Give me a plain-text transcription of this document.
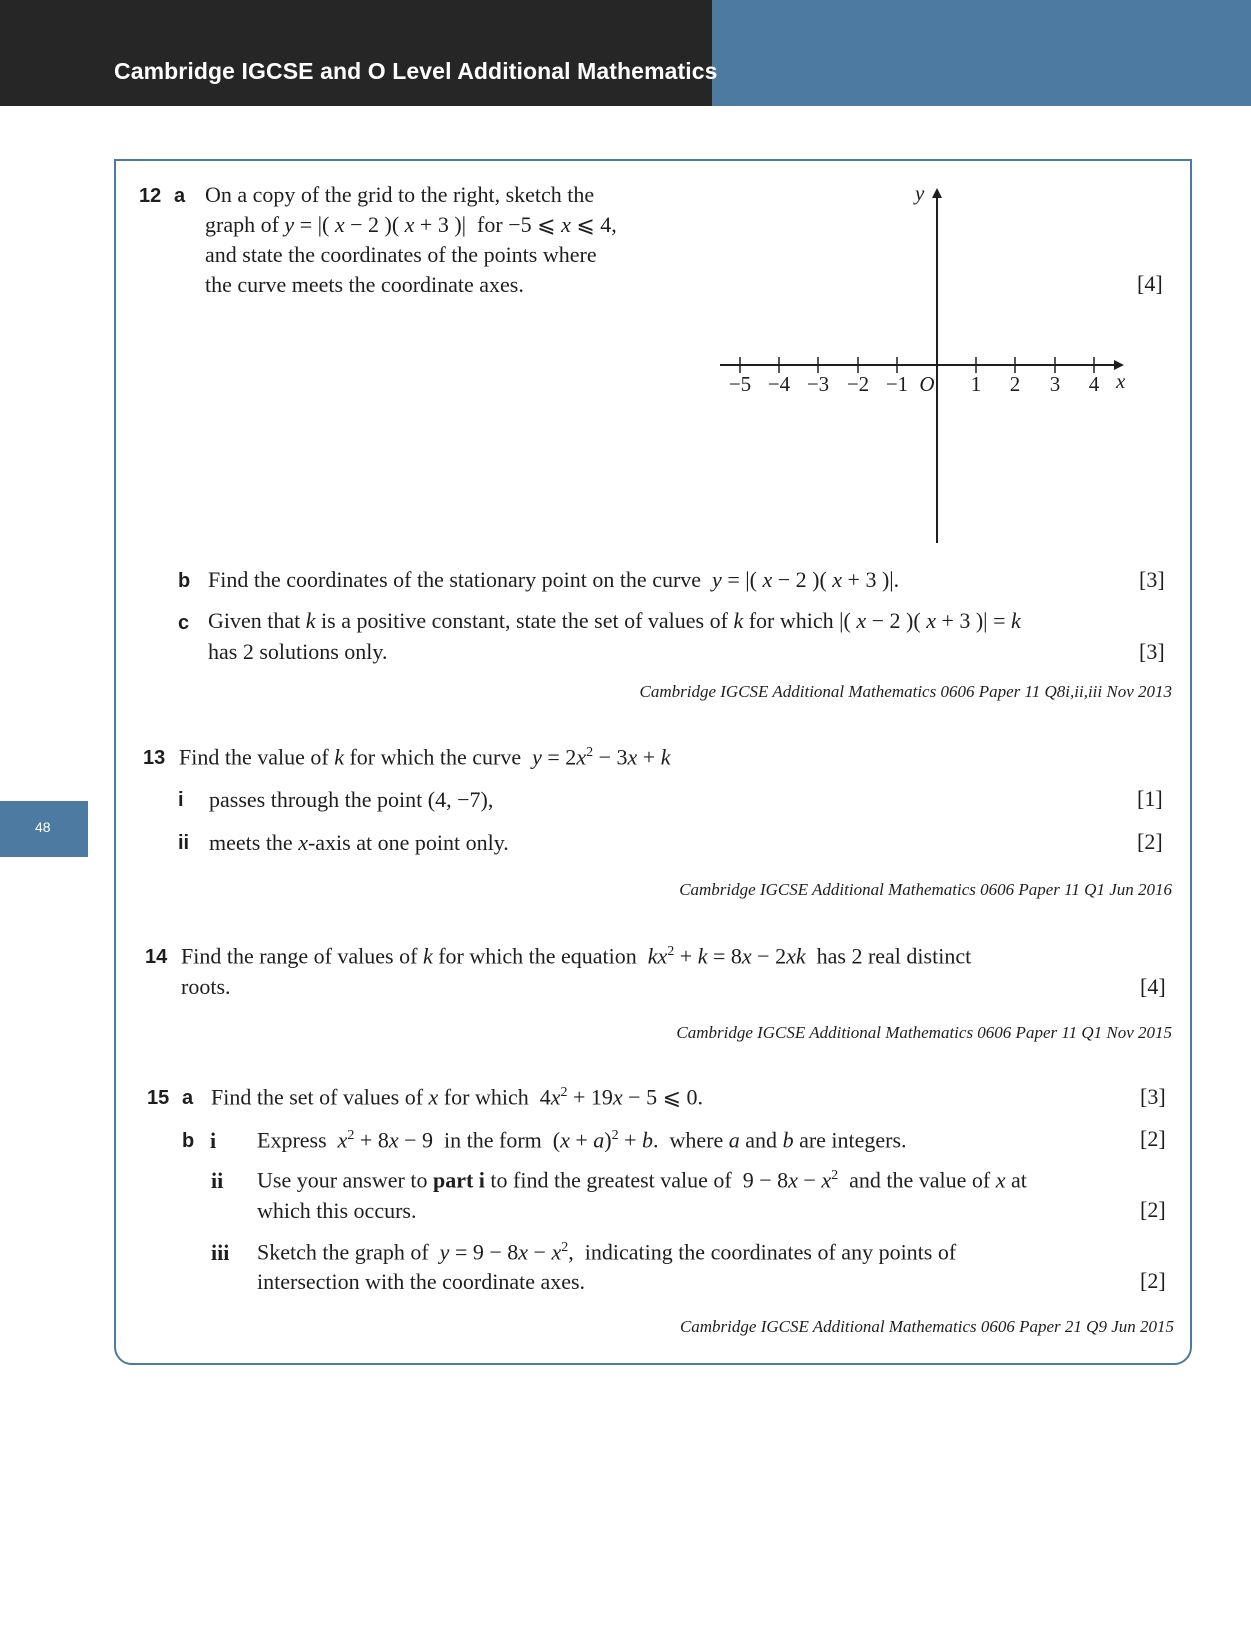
Cambridge IGCSE and O Level Additional Mathematics
48
12 a On a copy of the grid to the right, sketch the
graph of y = |( x − 2 )( x + 3 )|  for −5 ⩽ x ⩽ 4,
and state the coordinates of the points where
the curve meets the coordinate axes.	[4]
−5 −4 −3 −2 −1 O 1 2 3 4 x
y
b Find the coordinates of the stationary point on the curve  y = |( x − 2 )( x + 3 )|.	[3]
c Given that k is a positive constant, state the set of values of k for which |( x − 2 )( x + 3 )| = k
has 2 solutions only.	[3]
Cambridge IGCSE Additional Mathematics 0606 Paper 11 Q8i,ii,iii Nov 2013
13 Find the value of k for which the curve  $y = 2x^2 - 3x + k$
i passes through the point (4, −7),	[1]
ii meets the x-axis at one point only.	[2]
Cambridge IGCSE Additional Mathematics 0606 Paper 11 Q1 Jun 2016
14 Find the range of values of k for which the equation  $kx^2 + k = 8x - 2xk$  has 2 real distinct
roots.	[4]
Cambridge IGCSE Additional Mathematics 0606 Paper 11 Q1 Nov 2015
15 a Find the set of values of x for which  $4x^2 + 19x - 5$ ⩽ 0.	[3]
b i Express  $x^2 + 8x - 9$  in the form  $(x + a)^2 + b$.  where a and b are integers.	[2]
ii Use your answer to part i to find the greatest value of  $9 - 8x - x^2$  and the value of x at
which this occurs.	[2]
iii Sketch the graph of  $y = 9 - 8x - x^2$,  indicating the coordinates of any points of
intersection with the coordinate axes.	[2]
Cambridge IGCSE Additional Mathematics 0606 Paper 21 Q9 Jun 2015
